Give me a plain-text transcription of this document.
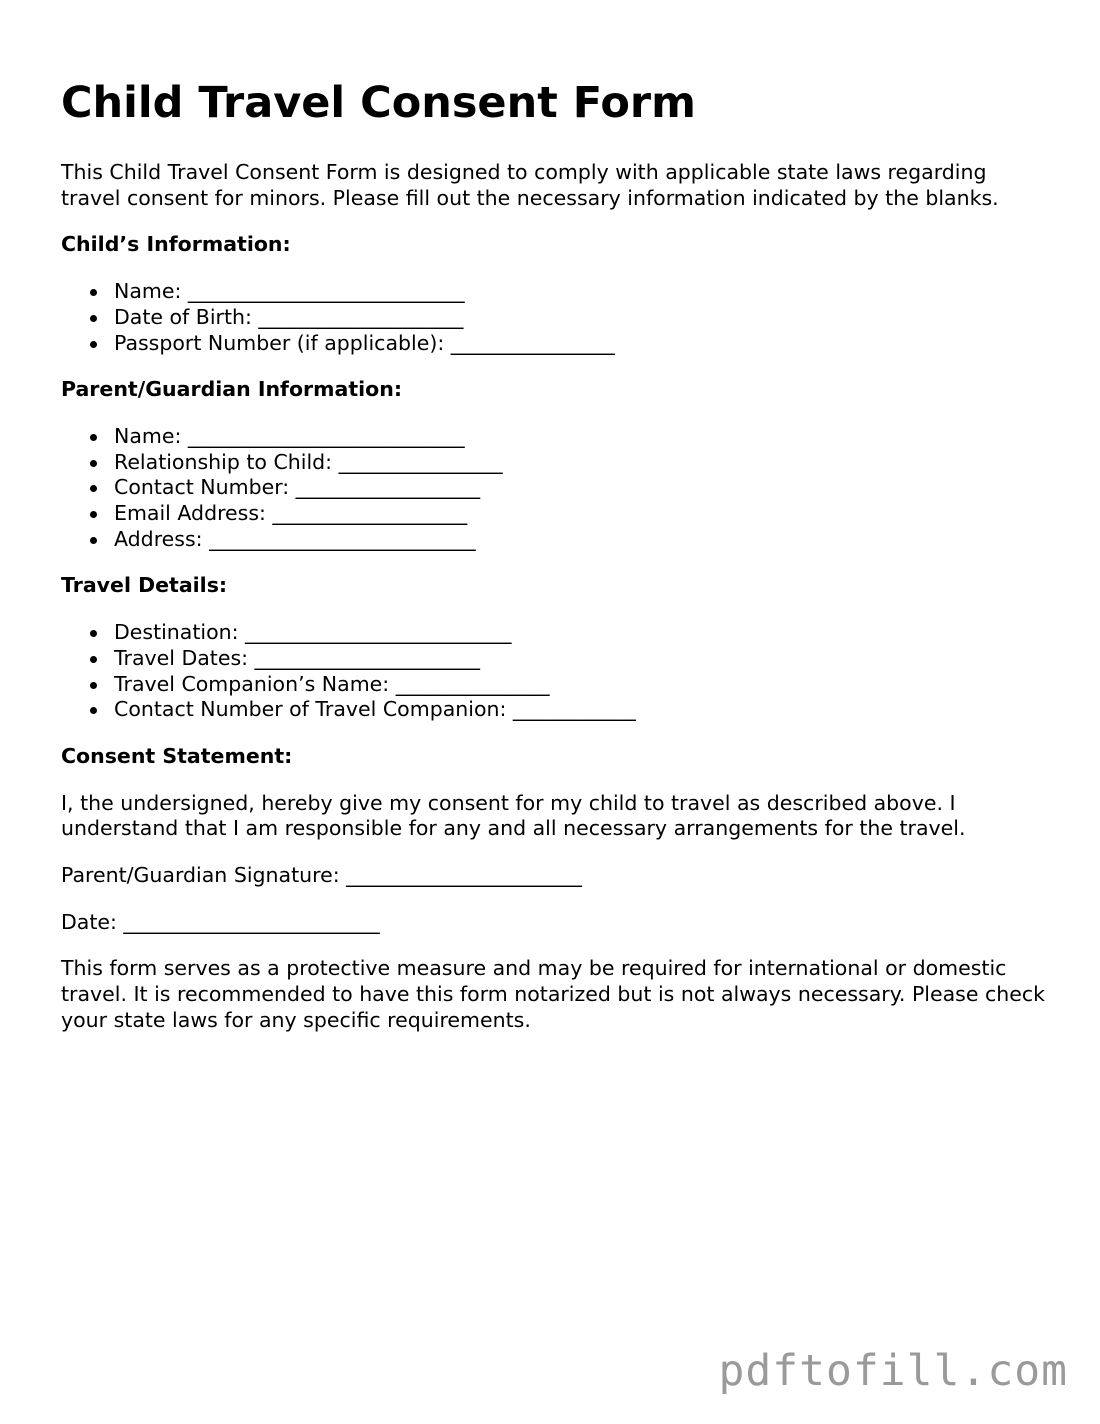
Child Travel Consent Form

This Child Travel Consent Form is designed to comply with applicable state laws regarding travel consent for minors. Please fill out the necessary information indicated by the blanks.

Child’s Information:
Name: ___________________________
Date of Birth: ____________________
Passport Number (if applicable): ________________
Parent/Guardian Information:
Name: ___________________________
Relationship to Child: ________________
Contact Number: __________________
Email Address: ___________________
Address: __________________________
Travel Details:
Destination: __________________________
Travel Dates: ______________________
Travel Companion’s Name: _______________
Contact Number of Travel Companion: ____________
Consent Statement:

I, the undersigned, hereby give my consent for my child to travel as described above. I understand that I am responsible for any and all necessary arrangements for the travel.

Parent/Guardian Signature: _______________________

Date: _________________________

This form serves as a protective measure and may be required for international or domestic travel. It is recommended to have this form notarized but is not always necessary. Please check your state laws for any specific requirements.

pdftofill.com
